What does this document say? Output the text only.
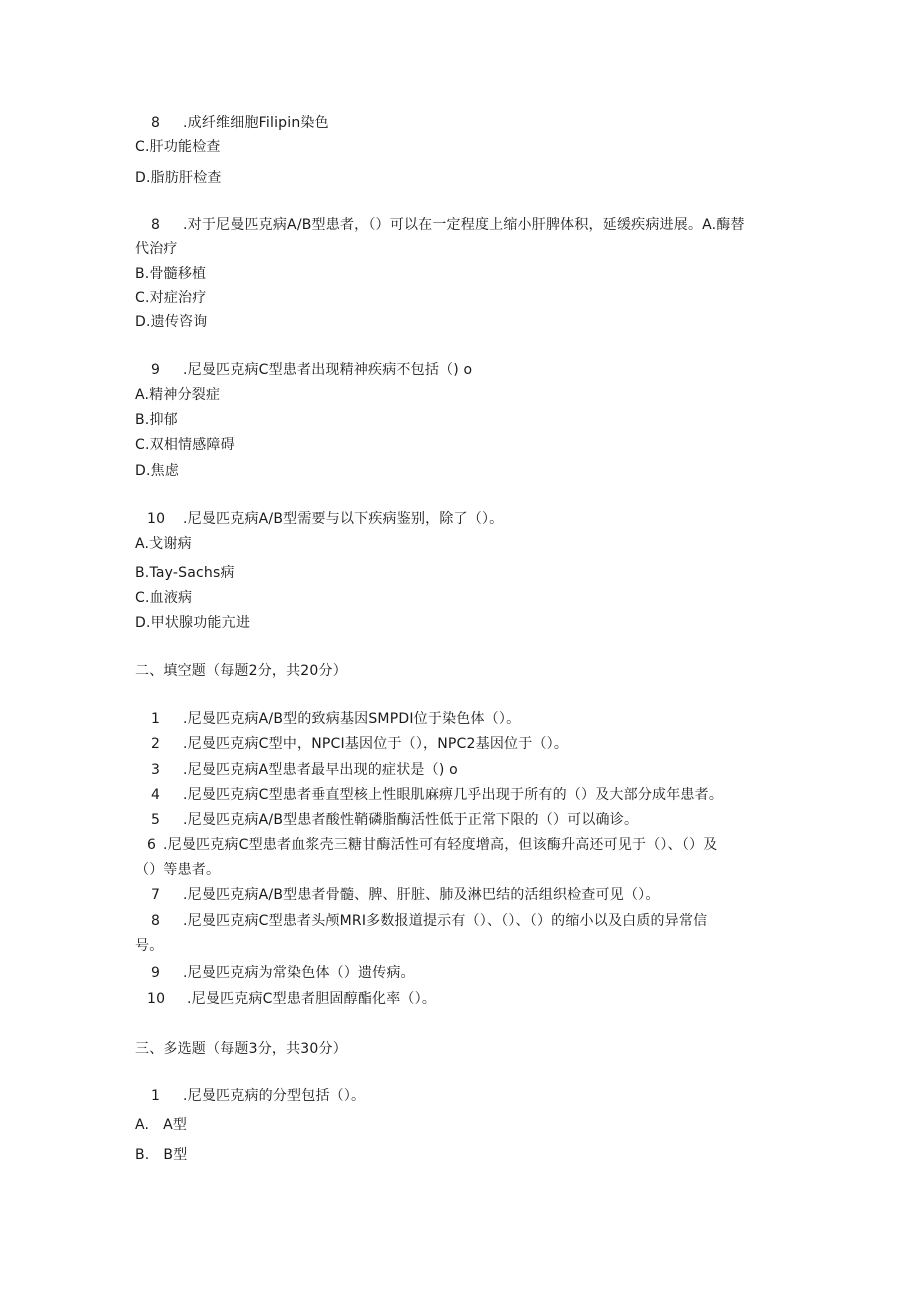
8 .成纤维细胞Filipin染色
C.肝功能检查
D.脂肪肝检查
8 .对于尼曼匹克病A/B型患者，（）可以在一定程度上缩小肝脾体积，延缓疾病进展。A.酶替
代治疗
B.骨髓移植
C.对症治疗
D.遗传咨询
9 .尼曼匹克病C型患者出现精神疾病不包括（) o
A.精神分裂症
B.抑郁
C.双相情感障碍
D.焦虑
10 .尼曼匹克病A/B型需要与以下疾病鉴别，除了（）。
A.戈谢病
B.Tay-Sachs病
C.血液病
D.甲状腺功能亢进
二、填空题（每题2分，共20分）
1 .尼曼匹克病A/B型的致病基因SMPDI位于染色体（）。
2 .尼曼匹克病C型中，NPCI基因位于（），NPC2基因位于（）。
3 .尼曼匹克病A型患者最早出现的症状是（) o
4 .尼曼匹克病C型患者垂直型核上性眼肌麻痹几乎出现于所有的（）及大部分成年患者。
5 .尼曼匹克病A/B型患者酸性鞘磷脂酶活性低于正常下限的（）可以确诊。
6 .尼曼匹克病C型患者血浆壳三糖甘酶活性可有轻度增高，但该酶升高还可见于（）、（）及
（）等患者。
7 .尼曼匹克病A/B型患者骨髓、脾、肝脏、肺及淋巴结的活组织检查可见（）。
8 .尼曼匹克病C型患者头颅MRI多数报道提示有（）、（）、（）的缩小以及白质的异常信
号。
9 .尼曼匹克病为常染色体（）遗传病。
10 .尼曼匹克病C型患者胆固醇酯化率（）。
三、多选题（每题3分，共30分）
1 .尼曼匹克病的分型包括（）。
A.   A型
B.   B型
